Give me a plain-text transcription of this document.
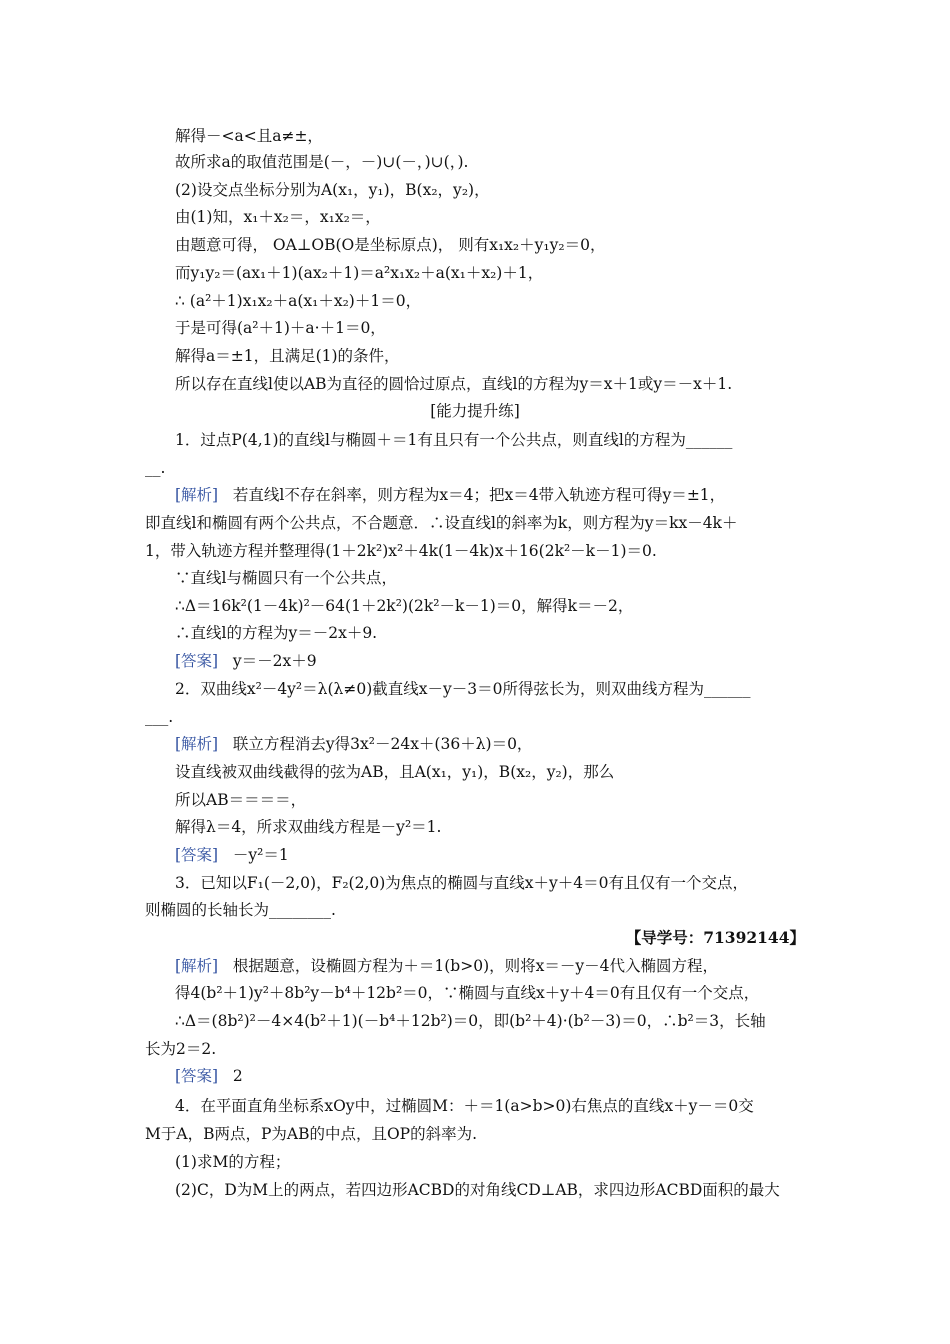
解得－<a<且a≠±，
故所求a的取值范围是(－，－)∪(－，)∪(，).
(2)设交点坐标分别为A(x₁，y₁)，B(x₂，y₂)，
由(1)知，x₁＋x₂＝，x₁x₂＝，
由题意可得， OA⊥OB(O是坐标原点)， 则有x₁x₂＋y₁y₂＝0，
而y₁y₂＝(ax₁＋1)(ax₂＋1)＝a²x₁x₂＋a(x₁＋x₂)＋1，
∴ (a²＋1)x₁x₂＋a(x₁＋x₂)＋1＝0，
于是可得(a²＋1)＋a·＋1＝0，
解得a＝±1，且满足(1)的条件，
所以存在直线l使以AB为直径的圆恰过原点，直线l的方程为y＝x＋1或y＝－x＋1.
[能力提升练]
1．过点P(4,1)的直线l与椭圆＋＝1有且只有一个公共点，则直线l的方程为______
__.
[解析] 若直线l不存在斜率，则方程为x＝4；把x＝4带入轨迹方程可得y＝±1，
即直线l和椭圆有两个公共点，不合题意．∴设直线l的斜率为k，则方程为y＝kx－4k＋
1，带入轨迹方程并整理得(1＋2k²)x²＋4k(1－4k)x＋16(2k²－k－1)＝0.
∵直线l与椭圆只有一个公共点，
∴Δ＝16k²(1－4k)²－64(1＋2k²)(2k²－k－1)＝0，解得k＝－2，
∴直线l的方程为y＝－2x＋9.
[答案] y＝－2x＋9
2．双曲线x²－4y²＝λ(λ≠0)截直线x－y－3＝0所得弦长为，则双曲线方程为______
___.
[解析] 联立方程消去y得3x²－24x＋(36＋λ)＝0，
设直线被双曲线截得的弦为AB，且A(x₁，y₁)，B(x₂，y₂)，那么
所以AB＝＝＝＝，
解得λ＝4，所求双曲线方程是－y²＝1.
[答案] －y²＝1
3．已知以F₁(－2,0)，F₂(2,0)为焦点的椭圆与直线x＋y＋4＝0有且仅有一个交点，
则椭圆的长轴长为________.
【导学号：71392144】
[解析] 根据题意，设椭圆方程为＋＝1(b>0)，则将x＝－y－4代入椭圆方程，
得4(b²＋1)y²＋8b²y－b⁴＋12b²＝0，∵椭圆与直线x＋y＋4＝0有且仅有一个交点，
∴Δ＝(8b²)²－4×4(b²＋1)(－b⁴＋12b²)＝0，即(b²＋4)·(b²－3)＝0，∴b²＝3，长轴
长为2＝2.
[答案] 2
4．在平面直角坐标系xOy中，过椭圆M：＋＝1(a>b>0)右焦点的直线x＋y－＝0交
M于A，B两点，P为AB的中点，且OP的斜率为.
(1)求M的方程；
(2)C，D为M上的两点，若四边形ACBD的对角线CD⊥AB，求四边形ACBD面积的最大
